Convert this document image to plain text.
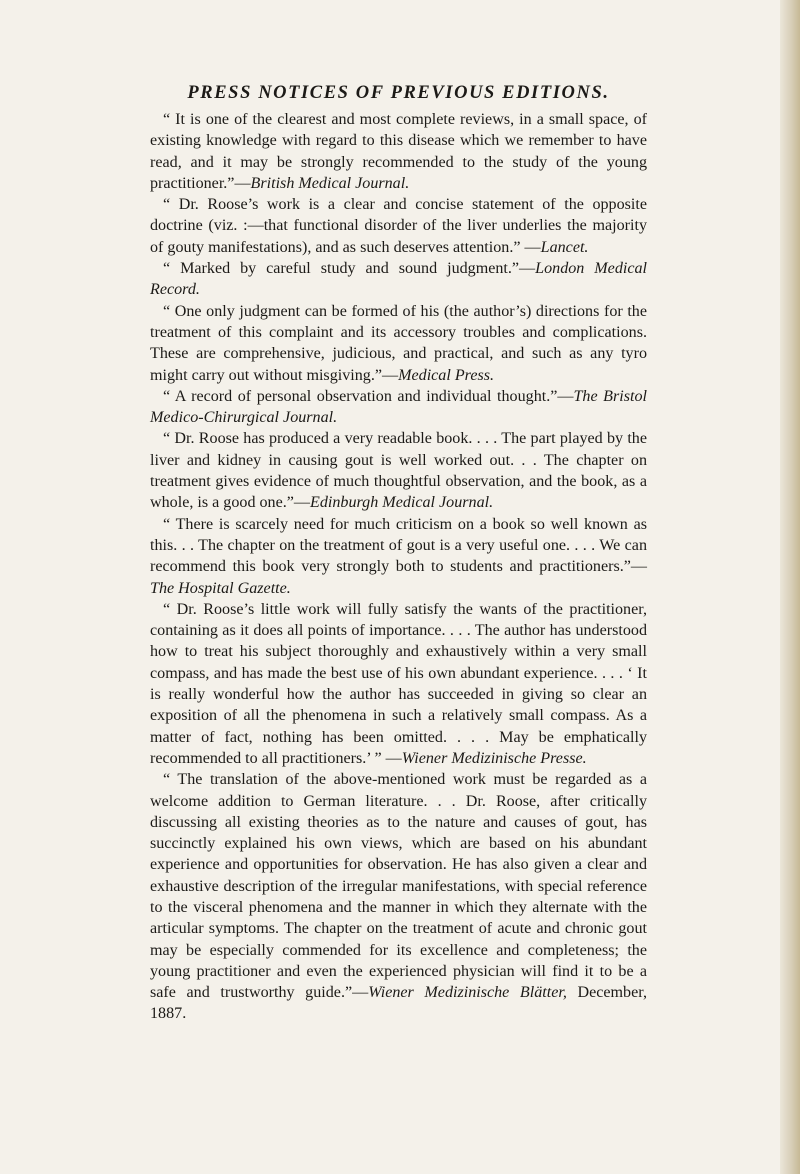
PRESS NOTICES OF PREVIOUS EDITIONS.

“ It is one of the clearest and most complete reviews, in a small space, of existing knowledge with regard to this disease which we remember to have read, and it may be strongly recommended to the study of the young practitioner.”—British Medical Journal.

“ Dr. Roose’s work is a clear and concise statement of the opposite doctrine (viz. :—that functional disorder of the liver underlies the majority of gouty manifestations), and as such deserves attention.” —Lancet.

“ Marked by careful study and sound judgment.”—London Medical Record.

“ One only judgment can be formed of his (the author’s) directions for the treatment of this complaint and its accessory troubles and complications. These are comprehensive, judicious, and practical, and such as any tyro might carry out without misgiving.”—Medical Press.

“ A record of personal observation and individual thought.”—The Bristol Medico-Chirurgical Journal.

“ Dr. Roose has produced a very readable book. . . . The part played by the liver and kidney in causing gout is well worked out. . . The chapter on treatment gives evidence of much thoughtful observation, and the book, as a whole, is a good one.”—Edinburgh Medical Journal.

“ There is scarcely need for much criticism on a book so well known as this. . . The chapter on the treatment of gout is a very useful one. . . . We can recommend this book very strongly both to students and practitioners.”—The Hospital Gazette.

“ Dr. Roose’s little work will fully satisfy the wants of the practitioner, containing as it does all points of importance. . . . The author has understood how to treat his subject thoroughly and exhaustively within a very small compass, and has made the best use of his own abundant experience. . . . ‘ It is really wonderful how the author has succeeded in giving so clear an exposition of all the phenomena in such a relatively small compass. As a matter of fact, nothing has been omitted. . . . May be emphatically recommended to all practitioners.’ ” —Wiener Medizinische Presse.

“ The translation of the above-mentioned work must be regarded as a welcome addition to German literature. . . Dr. Roose, after critically discussing all existing theories as to the nature and causes of gout, has succinctly explained his own views, which are based on his abundant experience and opportunities for observation. He has also given a clear and exhaustive description of the irregular manifestations, with special reference to the visceral phenomena and the manner in which they alternate with the articular symptoms. The chapter on the treatment of acute and chronic gout may be especially commended for its excellence and completeness; the young practitioner and even the experienced physician will find it to be a safe and trustworthy guide.”—Wiener Medizinische Blätter, December, 1887.
